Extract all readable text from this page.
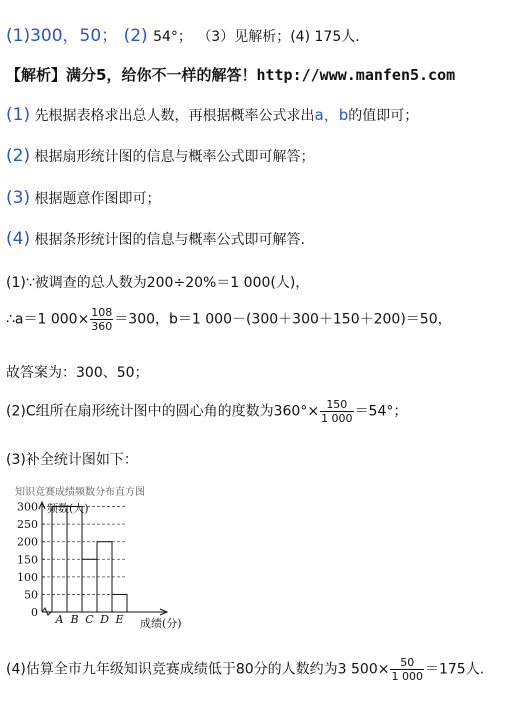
(1)300，50； (2) 54°； （3）见解析；(4) 175人.
【解析】满分5，给你不一样的解答！http://www.manfen5.com
(1) 先根据表格求出总人数，再根据概率公式求出a，b的值即可；
(2) 根据扇形统计图的信息与概率公式即可解答；
(3) 根据题意作图即可；
(4) 根据条形统计图的信息与概率公式即可解答.
(1)∵被调查的总人数为200÷20%＝1 000(人)，
∴a＝1 $000\times \frac{108}{360} =300$，b＝1 000－(300＋300＋150＋200)＝50，
故答案为：300、50；
(2)C组所在扇形统计图中的圆心角的度数为$360^\circ\times \frac{150}{1 000} =54^\circ$；
(3)补全统计图如下：
知识竞赛成绩频数分布直方图
频数(人)
成绩(分)
0
50
100
150
200
250
300
A B C D E
(4)估算全市九年级知识竞赛成绩低于80分的人数约为3 $500\times \frac{50}{1 000} =175$人.
